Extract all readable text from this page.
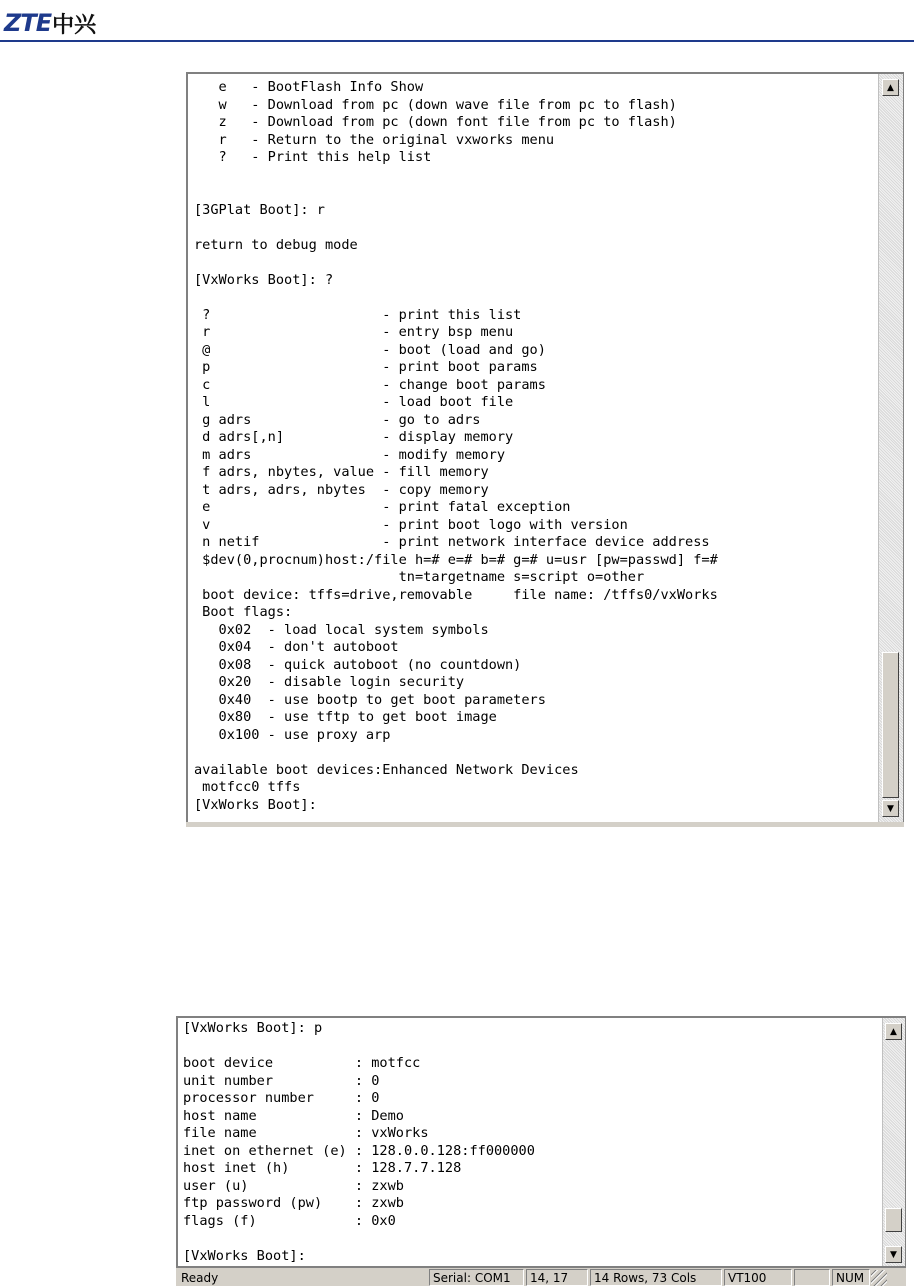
ZTE 中兴
e   - BootFlash Info Show
w   - Download from pc (down wave file from pc to flash)
z   - Download from pc (down font file from pc to flash)
r   - Return to the original vxworks menu
?   - Print this help list
[3GPlat Boot]: r
return to debug mode
[VxWorks Boot]: ?
?                     - print this list
r                     - entry bsp menu
@                     - boot (load and go)
p                     - print boot params
c                     - change boot params
l                     - load boot file
g adrs                - go to adrs
d adrs[,n]            - display memory
m adrs                - modify memory
f adrs, nbytes, value - fill memory
t adrs, adrs, nbytes  - copy memory
e                     - print fatal exception
v                     - print boot logo with version
n netif               - print network interface device address
$dev(0,procnum)host:/file h=# e=# b=# g=# u=usr [pw=passwd] f=#
tn=targetname s=script o=other
boot device: tffs=drive,removable     file name: /tffs0/vxWorks
Boot flags:
0x02  - load local system symbols
0x04  - don't autoboot
0x08  - quick autoboot (no countdown)
0x20  - disable login security
0x40  - use bootp to get boot parameters
0x80  - use tftp to get boot image
0x100 - use proxy arp
available boot devices:Enhanced Network Devices
motfcc0 tffs
[VxWorks Boot]:
▲
▼
[VxWorks Boot]: p
boot device          : motfcc
unit number          : 0
processor number     : 0
host name            : Demo
file name            : vxWorks
inet on ethernet (e) : 128.0.0.128:ff000000
host inet (h)        : 128.7.7.128
user (u)             : zxwb
ftp password (pw)    : zxwb
flags (f)            : 0x0
[VxWorks Boot]:
▲
▼
Ready	Serial: COM1	14, 17	14 Rows, 73 Cols	VT100	NUM
